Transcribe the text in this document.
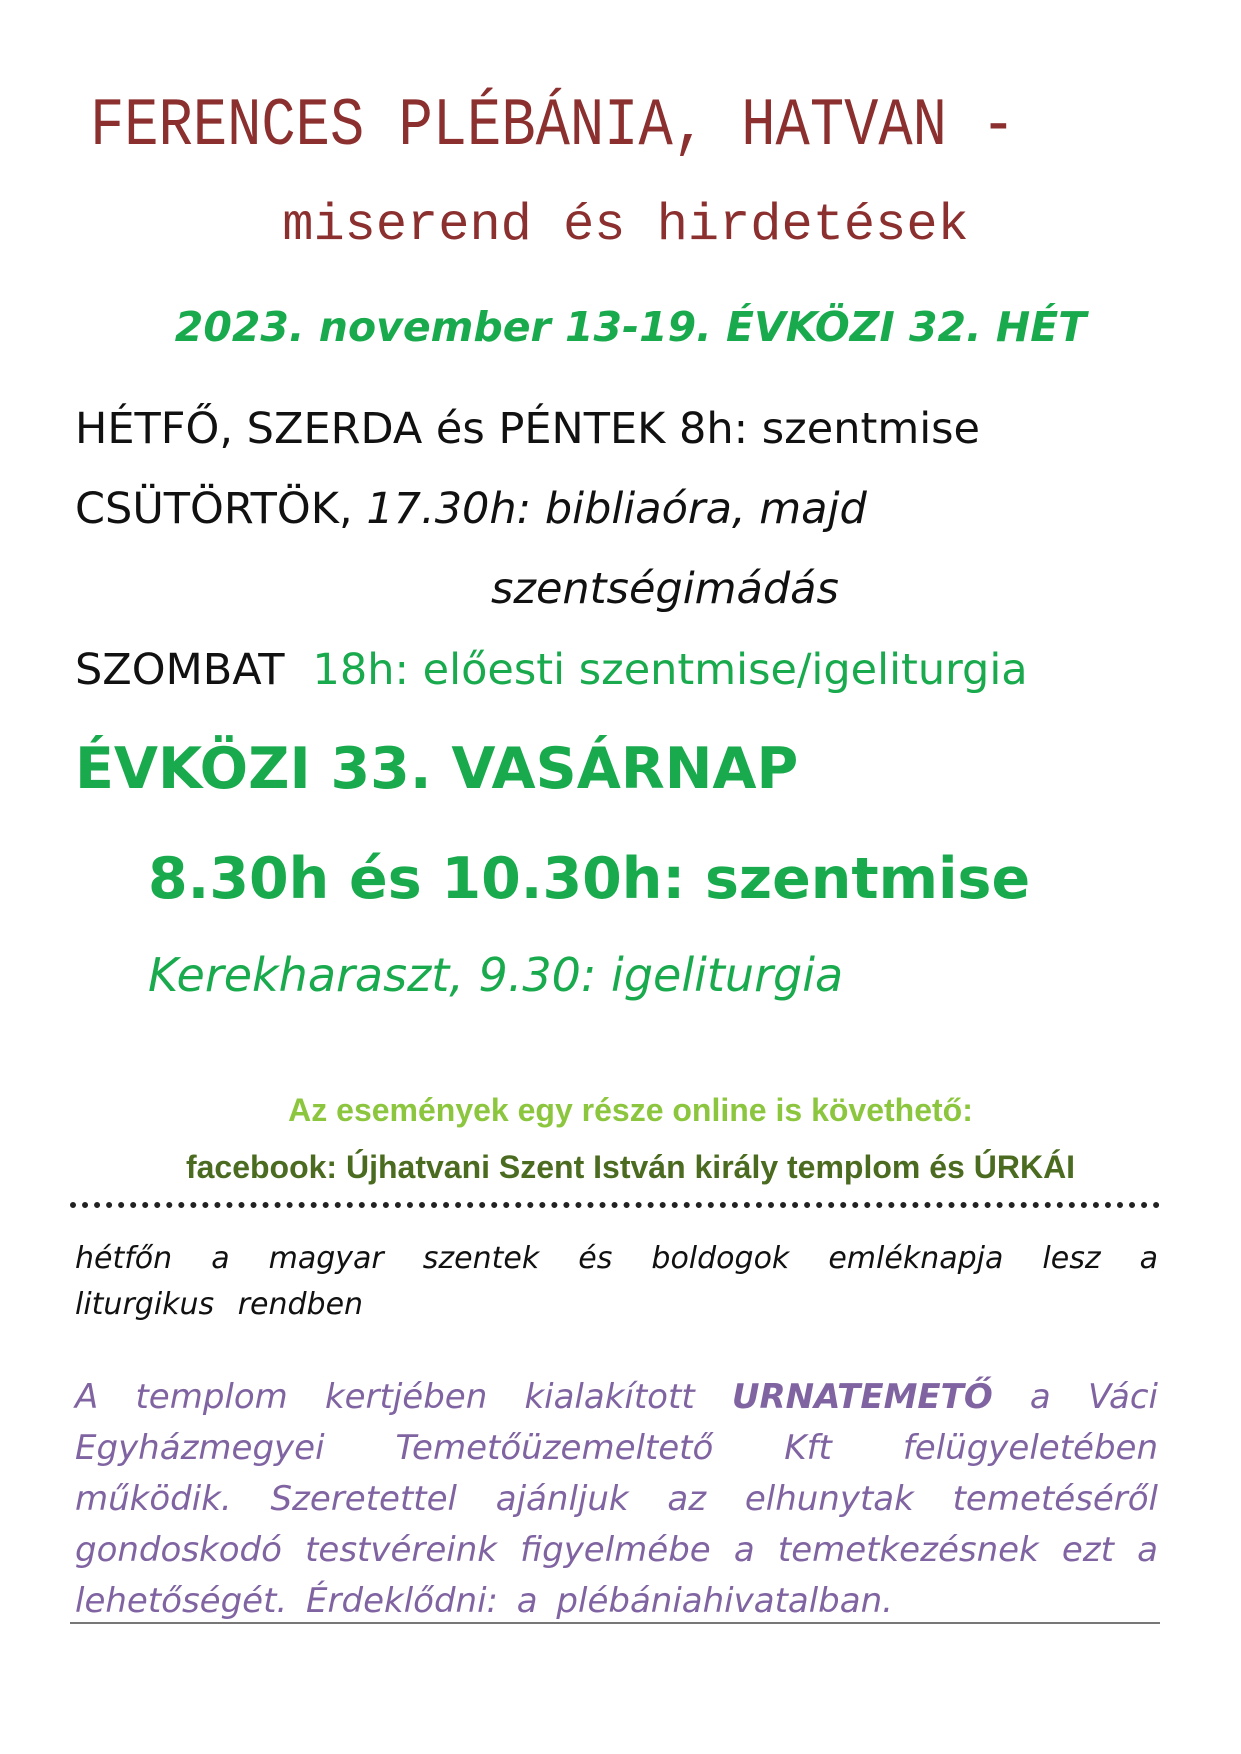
FERENCES PLÉBÁNIA, HATVAN -
miserend és hirdetések
2023. november 13-19. ÉVKÖZI 32. HÉT
HÉTFŐ, SZERDA és PÉNTEK 8h: szentmise
CSÜTÖRTÖK, 17.30h: bibliaóra, majd
szentségimádás
SZOMBAT 18h: előesti szentmise/igeliturgia
ÉVKÖZI 33. VASÁRNAP
8.30h és 10.30h: szentmise
Kerekharaszt, 9.30: igeliturgia
Az események egy része online is követhető:
facebook: Újhatvani Szent István király templom és ÚRKÁI
hétfőn a magyar szentek és boldogok emléknapja lesz a liturgikus rendben
A templom kertjében kialakított URNATEMETŐ a Váci Egyházmegyei Temetőüzemeltető Kft felügyeletében működik. Szeretettel ajánljuk az elhunytak temetéséről gondoskodó testvéreink figyelmébe a temetkezésnek ezt a lehetőségét. Érdeklődni: a plébániahivatalban.
